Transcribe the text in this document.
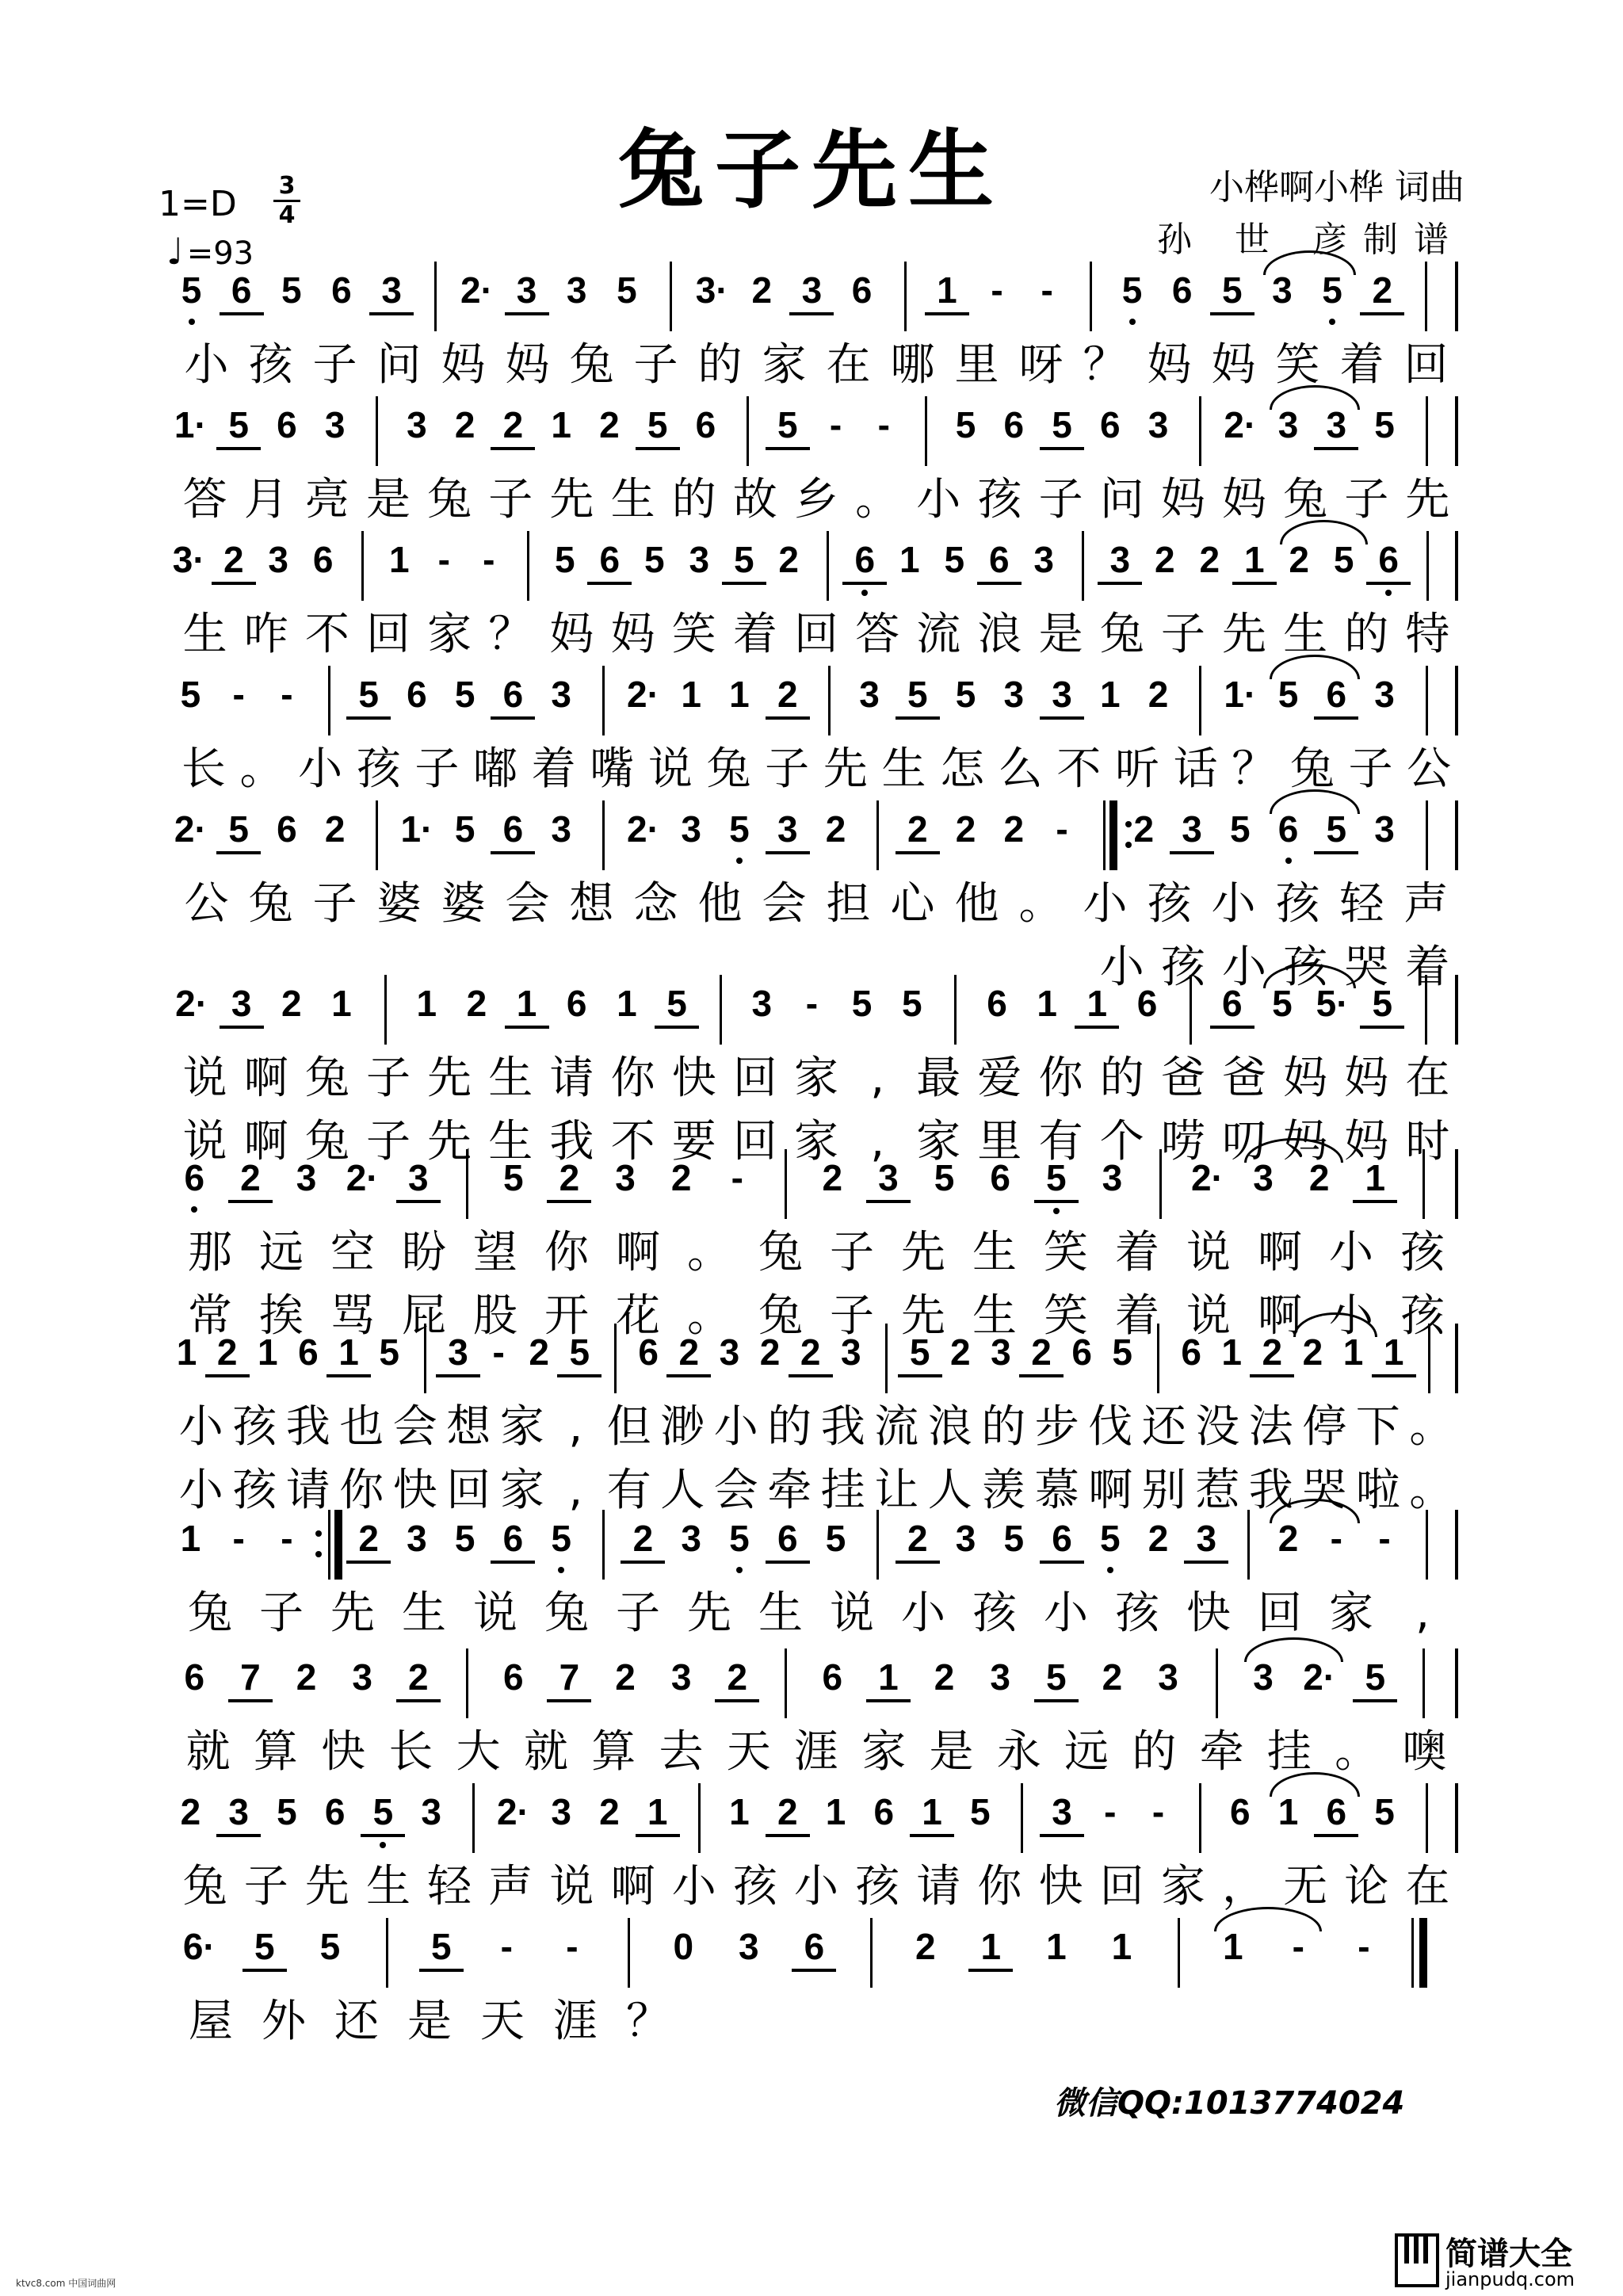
兔子先生	小桦啊小桦 词曲
孙 世 彦制谱
1=D 3
4
♩ =93
5 6 5 6 3	2· 3 3 5	3· 2 3 6	1 -	-	5 6 5 3 5 2
小 孩 子 问 妈 妈 兔 子 的 家 在 哪 里 呀 ？ 妈 妈 笑 着 回
1· 5 6 3	3 2 2 1 2 5 6	5 - -	5 6 5 6 3	2· 3 3 5
答 月 亮 是 兔 子 先 生 的 故 乡 。 小 孩 子 问 妈 妈 兔 子 先
3· 2 3 6	1 - -	5 6 5 3 5 2	6 1 5 6 3	3 2 2 1 2 5 6
生 咋 不 回 家 ？ 妈 妈 笑 着 回 答 流 浪 是 兔 子 先 生 的 特
5 - -	5 6 5 6 3	2· 1 1 2	3 5 5 3 3 1 2	1· 5 6 3
长 。 小 孩 子 嘟 着 嘴 说 兔 子 先 生 怎 么 不 听 话 ？ 兔 子 公
2· 5 6 2	1· 5 6 3	2· 3 5 3 2	2 2 2 -	2 3 5 6 5 3
公 兔 子 婆 婆 会 想 念 他 会 担 心 他 。 小 孩 小 孩 轻 声
小 孩 小 孩 哭 着
2· 3 2 1	1 2 1 6 1 5	3 - 5 5	6 1 1 6	6 5 5· 5
说 啊 兔 子 先 生 请 你 快 回 家 , 最 爱 你 的 爸 爸 妈 妈 在
说 啊 兔 子 先 生 我 不 要 回 家 , 家 里 有 个 唠 叨 妈 妈 时
6 2 3 2· 3	5 2 3 2	-	2 3 5 6 5 3	2· 3 2 1
那 远 空 盼 望 你 啊 。 兔 子 先 生 笑 着 说 啊 小 孩
常 挨 骂 屁 股 开 花 。 兔 子 先 生 笑 着 说 啊 小 孩
1 2 1 6 1 5	3 - 2 5	6 2 3 2 2 3	5 2 3 2 6 5	6 1 2 2 1 1
小 孩 我 也 会 想 家 , 但 渺 小 的 我 流 浪 的 步 伐 还 没 法 停 下 。
小 孩 请 你 快 回 家 , 有 人 会 牵 挂 让 人 羡 慕 啊 别 惹 我 哭 啦 。
1 - -	2 3 5 6 5	2 3 5 6 5	2 3 5 6 5 2 3	2 - -
兔 子 先 生 说 兔 子 先 生 说 小 孩 小 孩 快 回 家 ,
6 7 2 3 2	6 7 2 3 2	6 1 2 3 5 2 3	3 2· 5
就 算 快 长 大 就 算 去 天 涯 家 是 永 远 的 牵 挂 。 噢
2 3 5 6 5 3	2· 3 2 1	1 2 1 6 1 5	3 - -	6 1 6 5
兔 子 先 生 轻 声 说 啊 小 孩 小 孩 请 你 快 回 家 ， 无 论 在
6·	5	5	5	-	-	0	3	6	2	1	1	1	1	-	-
屋 外 还 是 天 涯 ？
微信QQ:1013774024
ktvc8.com 中国词曲网
简谱大全
jianpudq.com
